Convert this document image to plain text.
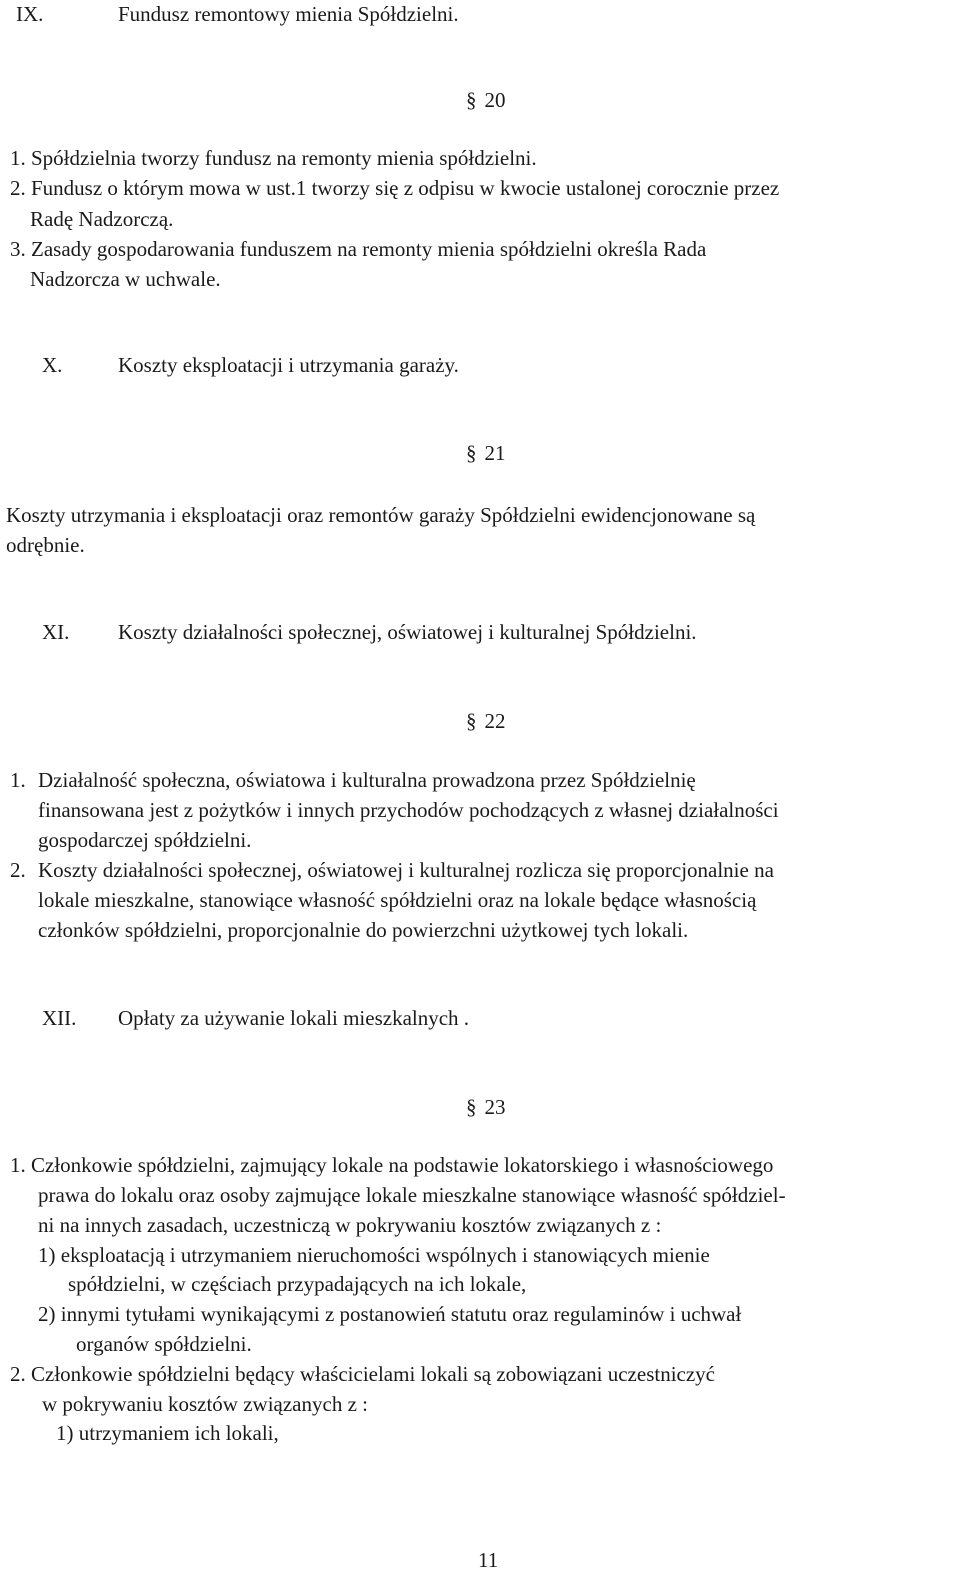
IX.	Fundusz remontowy mienia Spółdzielni.
§ 20
1. Spółdzielnia tworzy fundusz na remonty mienia spółdzielni.
2. Fundusz o którym mowa w ust.1 tworzy się z odpisu w kwocie ustalonej corocznie przez
Radę Nadzorczą.
3. Zasady gospodarowania funduszem na remonty mienia spółdzielni określa Rada
Nadzorcza w uchwale.
X.	Koszty eksploatacji i utrzymania garaży.
§ 21
Koszty utrzymania i eksploatacji oraz remontów garaży Spółdzielni ewidencjonowane są
odrębnie.
XI. Koszty działalności społecznej, oświatowej i kulturalnej Spółdzielni.
§ 22
1. Działalność społeczna, oświatowa i kulturalna prowadzona przez Spółdzielnię
finansowana jest z pożytków i innych przychodów pochodzących z własnej działalności
gospodarczej spółdzielni.
2. Koszty działalności społecznej, oświatowej i kulturalnej rozlicza się proporcjonalnie na
lokale mieszkalne, stanowiące własność spółdzielni oraz na lokale będące własnością
członków spółdzielni, proporcjonalnie do powierzchni użytkowej tych lokali.
XII. Opłaty za używanie lokali mieszkalnych .
§ 23
1. Członkowie spółdzielni, zajmujący lokale na podstawie lokatorskiego i własnościowego
prawa do lokalu oraz osoby zajmujące lokale mieszkalne stanowiące własność spółdziel-
ni na innych zasadach, uczestniczą w pokrywaniu kosztów związanych z :
1) eksploatacją i utrzymaniem nieruchomości wspólnych i stanowiących mienie
spółdzielni, w częściach przypadających na ich lokale,
2) innymi tytułami wynikającymi z postanowień statutu oraz regulaminów i uchwał
organów spółdzielni.
2. Członkowie spółdzielni będący właścicielami lokali są zobowiązani uczestniczyć
w pokrywaniu kosztów związanych z :
1) utrzymaniem ich lokali,
11
